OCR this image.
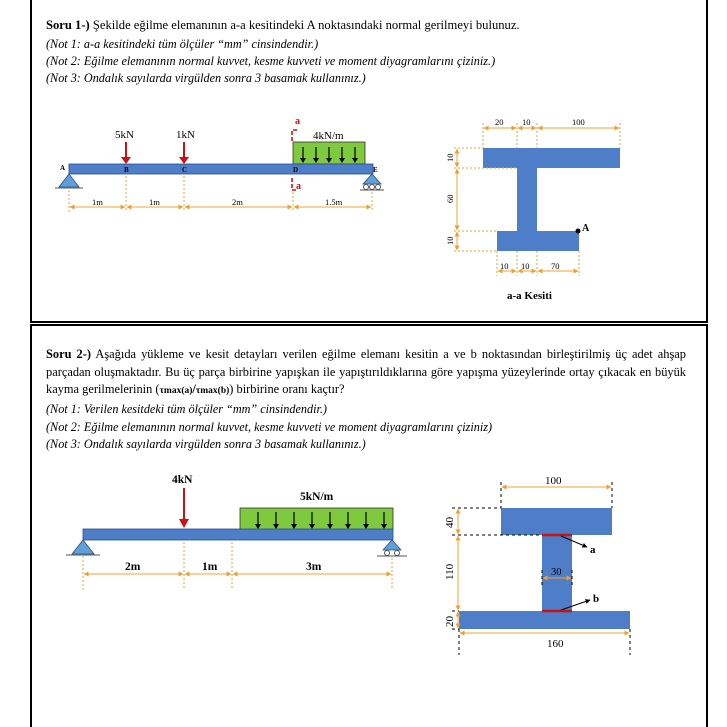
Soru 1-) Şekilde eğilme elemanının a-a kesitindeki A noktasındaki normal gerilmeyi bulunuz.
(Not 1: a-a kesitindeki tüm ölçüler “mm” cinsindendir.)
(Not 2: Eğilme elemanının normal kuvvet, kesme kuvveti ve moment diyagramlarını çiziniz.)
(Not 3: Ondalık sayılarda virgülden sonra 3 basamak kullanınız.)
Soru 2-) Aşağıda yükleme ve kesit detayları verilen eğilme elemanı kesitin a ve b noktasından birleştirilmiş üç adet ahşap parçadan oluşmaktadır. Bu üç parça birbirine yapışkan ile yapıştırıldıklarına göre yapışma yüzeylerinde ortay çıkacak en büyük kayma gerilmelerinin (τmax(a)/τmax(b)) birbirine oranı kaçtır?
(Not 1: Verilen kesitdeki tüm ölçüler “mm” cinsindendir.)
(Not 2: Eğilme elemanının normal kuvvet, kesme kuvveti ve moment diyagramlarını çiziniz)
(Not 3: Ondalık sayılarda virgülden sonra 3 basamak kullanınız.)
4kN/m
5kN	1kN
a
a
A	B	C	D	E
1m	1m	2m	1.5m
A
20 10	100
10
60
10
10 10	70
a-a Kesiti
5kN/m
4kN
2m	1m	3m
a
b
100
40
110
20
30
160
